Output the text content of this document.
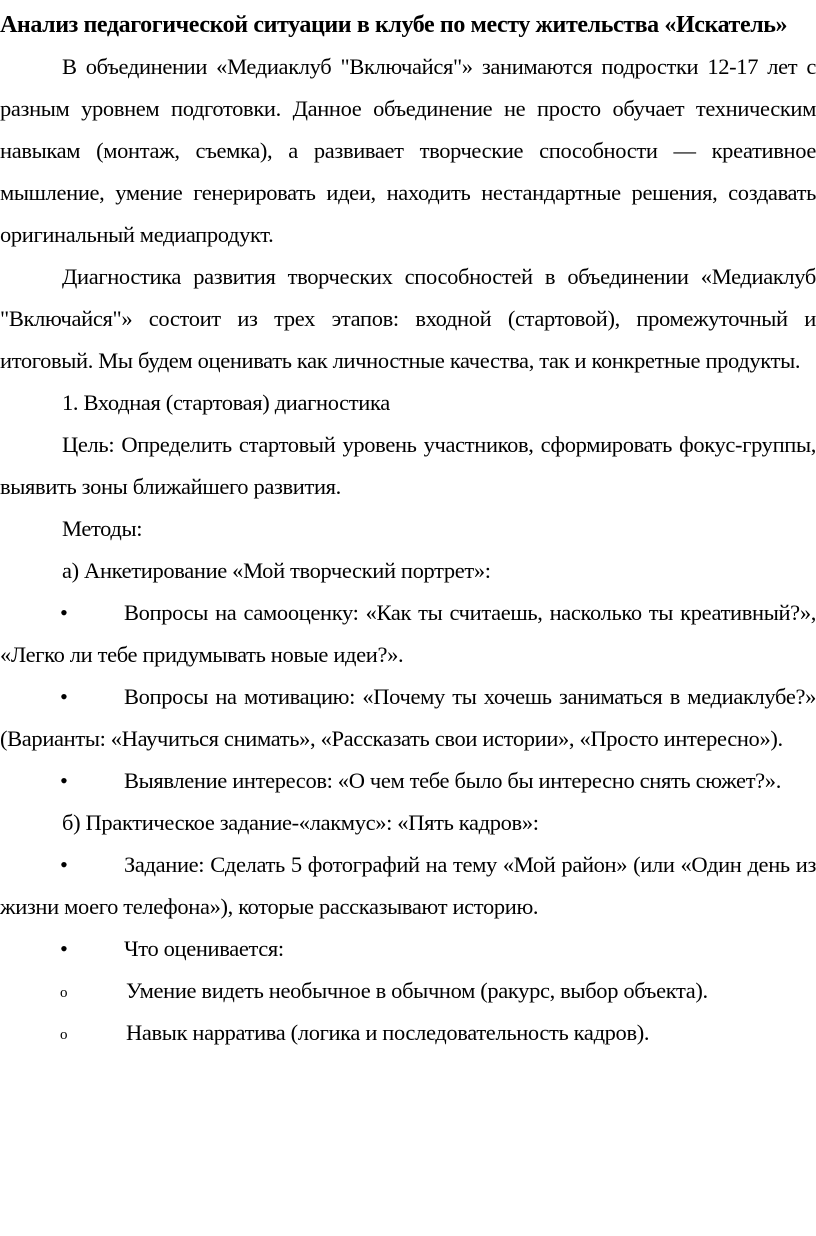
Анализ педагогической ситуации в клубе по месту жительства «Искатель»

В объединении «Медиаклуб "Включайся"» занимаются подростки 12-17 лет с разным уровнем подготовки. Данное объединение не просто обучает техническим навыкам (монтаж, съемка), а развивает творческие способности — креативное мышление, умение генерировать идеи, находить нестандартные решения, создавать оригинальный медиапродукт.

Диагностика развития творческих способностей в объединении «Медиаклуб "Включайся"» состоит из трех этапов: входной (стартовой), промежуточный и итоговый. Мы будем оценивать как личностные качества, так и конкретные продукты.

1. Входная (стартовая) диагностика

Цель: Определить стартовый уровень участников, сформировать фокус-группы, выявить зоны ближайшего развития.

Методы:

а) Анкетирование «Мой творческий портрет»:

•	Вопросы на самооценку: «Как ты считаешь, насколько ты креативный?», «Легко ли тебе придумывать новые идеи?».
•	Вопросы на мотивацию: «Почему ты хочешь заниматься в медиаклубе?» (Варианты: «Научиться снимать», «Рассказать свои истории», «Просто интересно»).
•	Выявление интересов: «О чем тебе было бы интересно снять сюжет?».

б) Практическое задание-«лакмус»: «Пять кадров»:

•	Задание: Сделать 5 фотографий на тему «Мой район» (или «Один день из жизни моего телефона»), которые рассказывают историю.
•	Что оценивается:
o	Умение видеть необычное в обычном (ракурс, выбор объекта).
o	Навык нарратива (логика и последовательность кадров).
